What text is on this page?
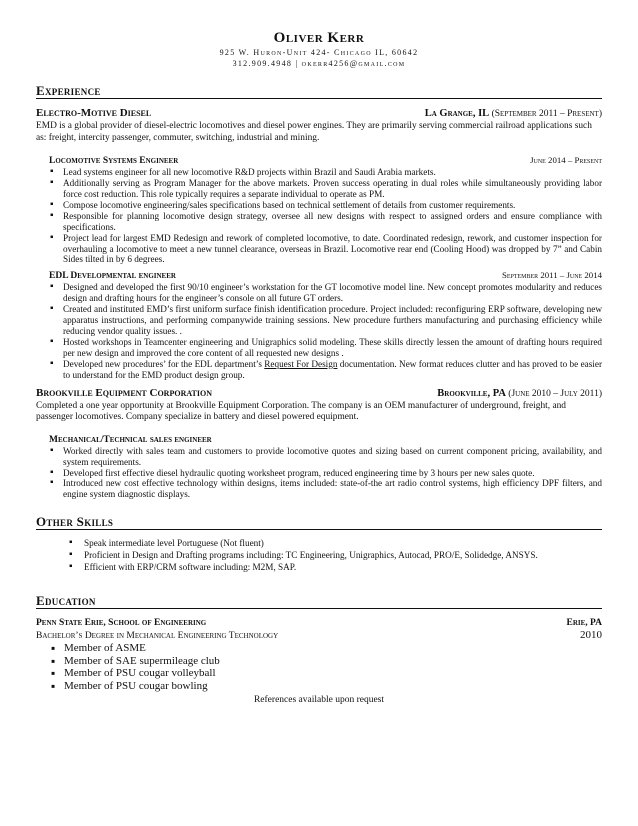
Oliver Kerr
925 W. Huron-Unit 424- Chicago IL, 60642
312.909.4948 | okerr4256@gmail.com
Experience
Electro-Motive Diesel	La Grange, IL (September 2011 – Present)
EMD is a global provider of diesel-electric locomotives and diesel power engines. They are primarily serving commercial railroad applications such as: freight, intercity passenger, commuter, switching, industrial and mining.
Locomotive Systems Engineer	June 2014 – Present
▪ Lead systems engineer for all new locomotive R&D projects within Brazil and Saudi Arabia markets.
▪ Additionally serving as Program Manager for the above markets. Proven success operating in dual roles while simultaneously providing labor force cost reduction. This role typically requires a separate individual to operate as PM.
▪ Compose locomotive engineering/sales specifications based on technical settlement of details from customer requirements.
▪ Responsible for planning locomotive design strategy, oversee all new designs with respect to assigned orders and ensure compliance with specifications.
▪ Project lead for largest EMD Redesign and rework of completed locomotive, to date. Coordinated redesign, rework, and customer inspection for overhauling a locomotive to meet a new tunnel clearance, overseas in Brazil. Locomotive rear end (Cooling Hood) was dropped by 7” and Cabin Sides tilted in by 6 degrees.
EDL Developmental engineer	September 2011 – June 2014
▪ Designed and developed the first 90/10 engineer’s workstation for the GT locomotive model line. New concept promotes modularity and reduces design and drafting hours for the engineer’s console on all future GT orders.
▪ Created and instituted EMD’s first uniform surface finish identification procedure. Project included: reconfiguring ERP software, developing new apparatus instructions, and performing companywide training sessions. New procedure furthers manufacturing and purchasing efficiency while reducing vendor quality issues. .
▪ Hosted workshops in Teamcenter engineering and Unigraphics solid modeling. These skills directly lessen the amount of drafting hours required per new design and improved the core content of all requested new designs .
▪ Developed new procedures’ for the EDL department’s Request For Design documentation. New format reduces clutter and has proved to be easier to understand for the EMD product design group.
Brookville Equipment Corporation	Brookville, PA (June 2010 – July 2011)
Completed a one year opportunity at Brookville Equipment Corporation. The company is an OEM manufacturer of underground, freight, and passenger locomotives. Company specialize in battery and diesel powered equipment.
Mechanical/Technical sales engineer
▪ Worked directly with sales team and customers to provide locomotive quotes and sizing based on current component pricing, availability, and system requirements.
▪ Developed first effective diesel hydraulic quoting worksheet program, reduced engineering time by 3 hours per new sales quote.
▪ Introduced new cost effective technology within designs, items included: state-of-the art radio control systems, high efficiency DPF filters, and engine system diagnostic displays.
Other Skills
▪ Speak intermediate level Portuguese (Not fluent)
▪ Proficient in Design and Drafting programs including: TC Engineering, Unigraphics, Autocad, PRO/E, Solidedge, ANSYS.
▪ Efficient with ERP/CRM software including: M2M, SAP.
Education
Penn State Erie, School of Engineering	Erie, PA
Bachelor’s Degree in Mechanical Engineering Technology	2010
▪ Member of ASME
▪ Member of SAE supermileage club
▪ Member of PSU cougar volleyball
▪ Member of PSU cougar bowling
References available upon request
